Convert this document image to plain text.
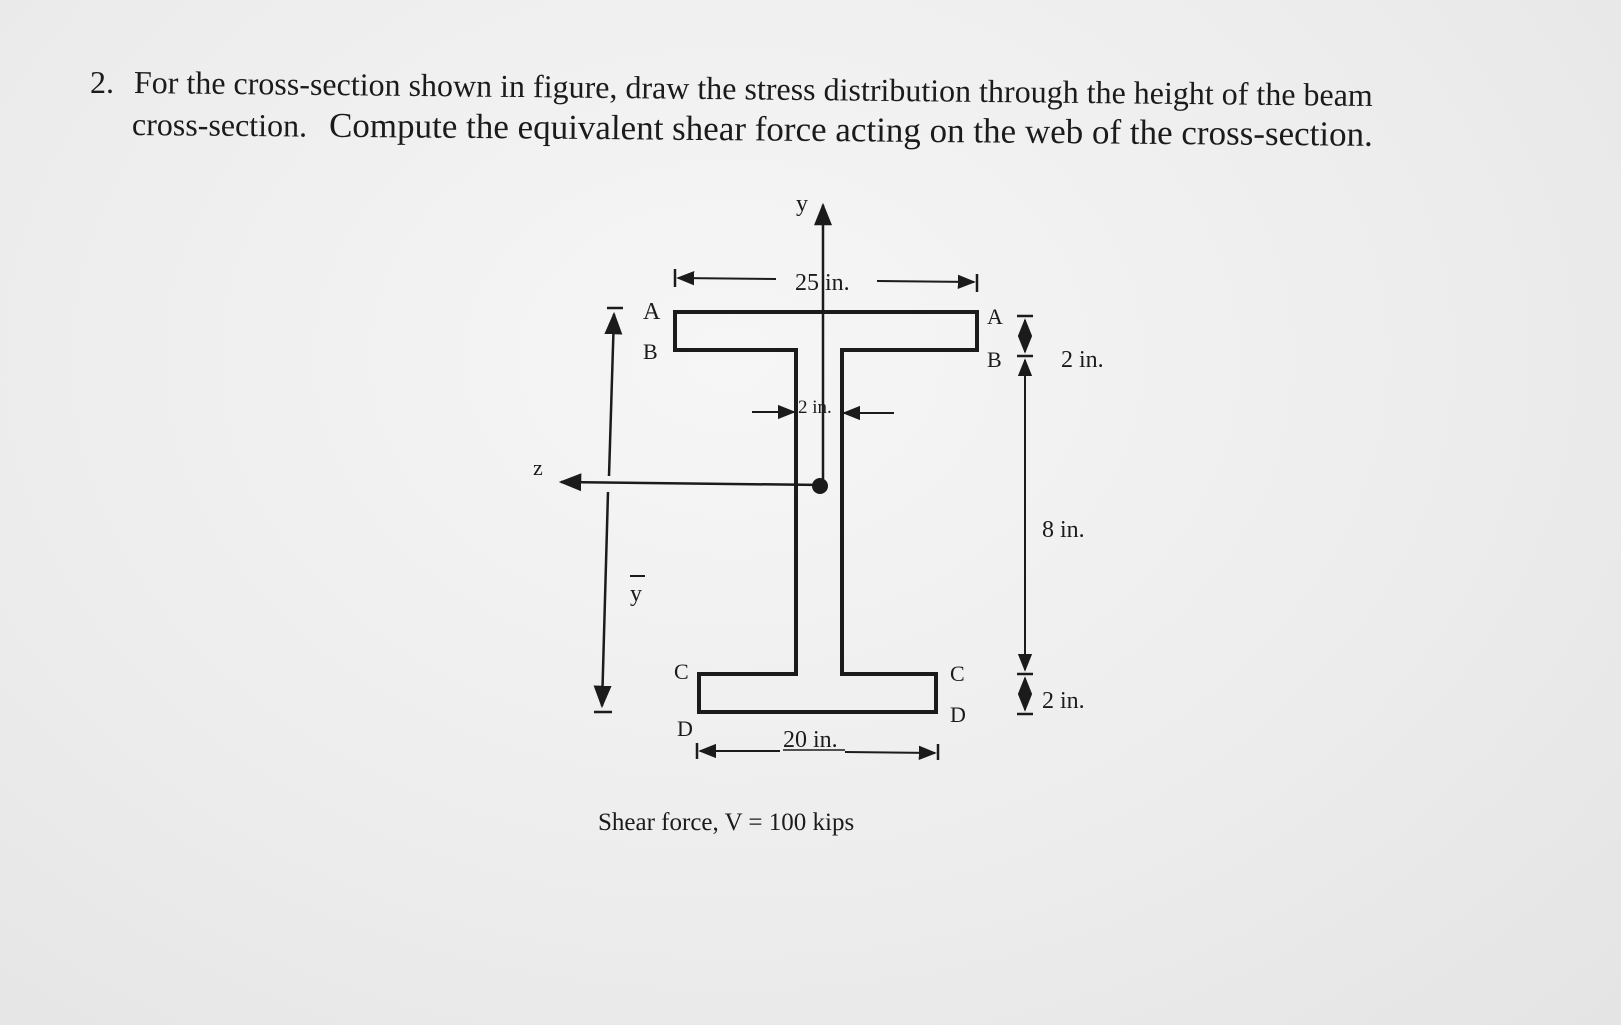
2. For the cross-section shown in figure, draw the stress distribution through the height of the beam
cross-section. Compute the equivalent shear force acting on the web of the cross-section.
y
z
y
25 in.
2 in.
A
B
A
B
C
D
C
D
2 in.
8 in.
2 in.
20 in.
Shear force, V = 100 kips
